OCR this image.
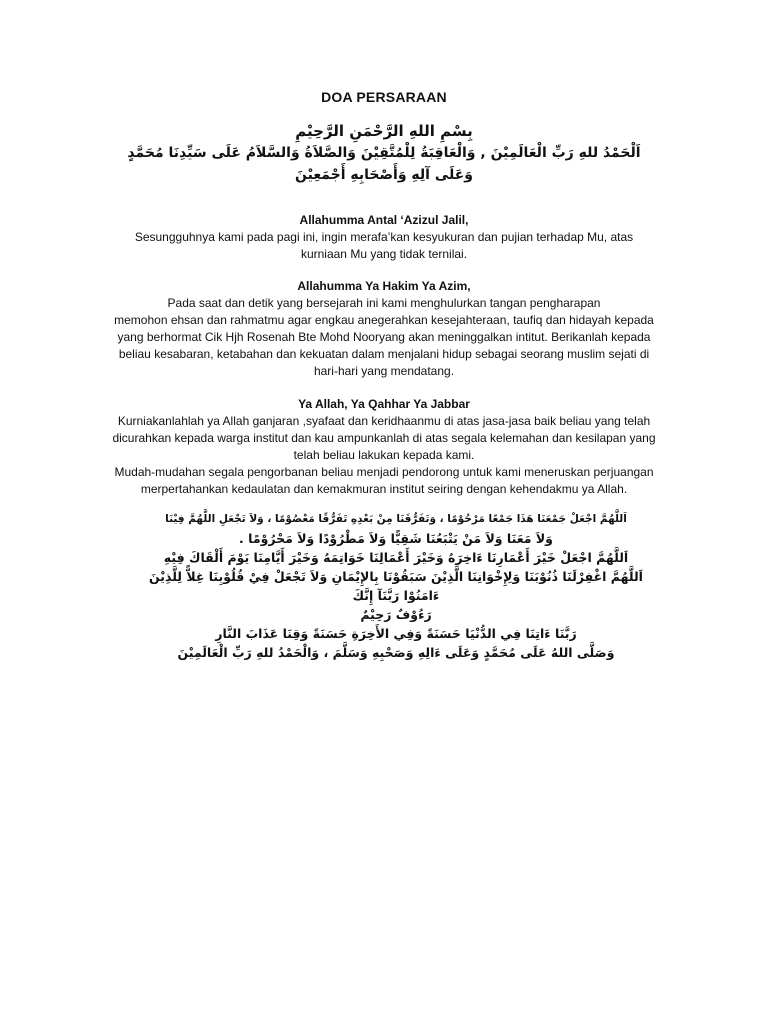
DOA PERSARAAN
بِسْمِ اللهِ الرَّحْمَنِ الرَّحِيْمِ
اَلْحَمْدُ للهِ رَبِّ الْعَالَمِيْنَ , وَالْعَاقِبَةُ لِلْمُتَّقِيْنَ وَالصَّلاَةُ وَالسَّلاَمُ عَلَى سَيِّدِنَا مُحَمَّدٍ وَعَلَى آلِهِ وَأَصْحَابِهِ أَجْمَعِيْنَ

Allahumma Antal ‘Azizul Jalil,

Sesungguhnya kami pada pagi ini, ingin merafa’kan kesyukuran dan pujian terhadap Mu, atas

kurniaan Mu yang tidak ternilai.

Allahumma Ya Hakim Ya Azim,

Pada saat dan detik yang bersejarah ini kami menghulurkan tangan pengharapan

memohon ehsan dan rahmatmu agar engkau anegerahkan kesejahteraan, taufiq dan hidayah kepada

yang berhormat Cik Hjh Rosenah Bte Mohd Nooryang akan meninggalkan intitut. Berikanlah kepada

beliau kesabaran, ketabahan dan kekuatan dalam menjalani hidup sebagai seorang muslim sejati di

hari-hari yang mendatang.

Ya Allah, Ya Qahhar Ya Jabbar

Kurniakanlahlah ya Allah ganjaran ,syafaat dan keridhaanmu di atas jasa-jasa baik beliau yang telah

dicurahkan kepada warga institut dan kau ampunkanlah di atas segala kelemahan dan kesilapan yang

telah beliau lakukan kepada kami.

Mudah-mudahan segala pengorbanan beliau menjadi pendorong untuk kami meneruskan perjuangan

merpertahankan kedaulatan dan kemakmuran institut seiring dengan kehendakmu ya Allah.

اَللَّهُمَّ اجْعَلْ جَمْعَنَا هَذَا جَمْعًا مَرْحُوْمًا ، وَتَفَرُّقَنَا مِنْ بَعْدِهِ تَفَرُّقًا مَعْصُوْمًا ، وَلاَ تَجْعَلِ اللَّهُمَّ فِيْنَا

وَلاَ مَعَنَا وَلاَ مَنْ يَتْبَعُنَا شَقِيًّا وَلاَ مَطْرُوْدًا وَلاَ مَحْرُوْمًا .

اَللَّهُمَّ اجْعَلْ خَيْرَ أَعْمَارِنَا ءَاخِرَهُ وَخَيْرَ أَعْمَالِنَا خَوَاتِمَهُ وَخَيْرَ أَيَّامِنَا يَوْمَ أَلْقَاكَ فِيْهِ

اَللَّهُمَّ اغْفِرْلَنَا ذُنُوْبَنَا وَلِإِخْوَانِنَا الَّذِيْنَ سَبَقُوْنَا بِالإِيْمَانِ وَلاَ تَجْعَلْ فِيْ قُلُوْبِنَا غِلاًّ لِلَّذِيْنَ ءَامَنُوْا رَبَّنَآ إِنَّكَ

رَءُوْفٌ رَحِيْمٌ

رَبَّنَا ءَاتِنَا فِي الدُّنْيَا حَسَنَةً وَفِي الأَخِرَةِ حَسَنَةً وَقِنَا عَذَابَ النَّارِ

وَصَلَّى اللهُ عَلَى مُحَمَّدٍ وَعَلَى ءَالِهِ وَصَحْبِهِ وَسَلَّمَ ، وَالْحَمْدُ للهِ رَبِّ الْعَالَمِيْنَ
